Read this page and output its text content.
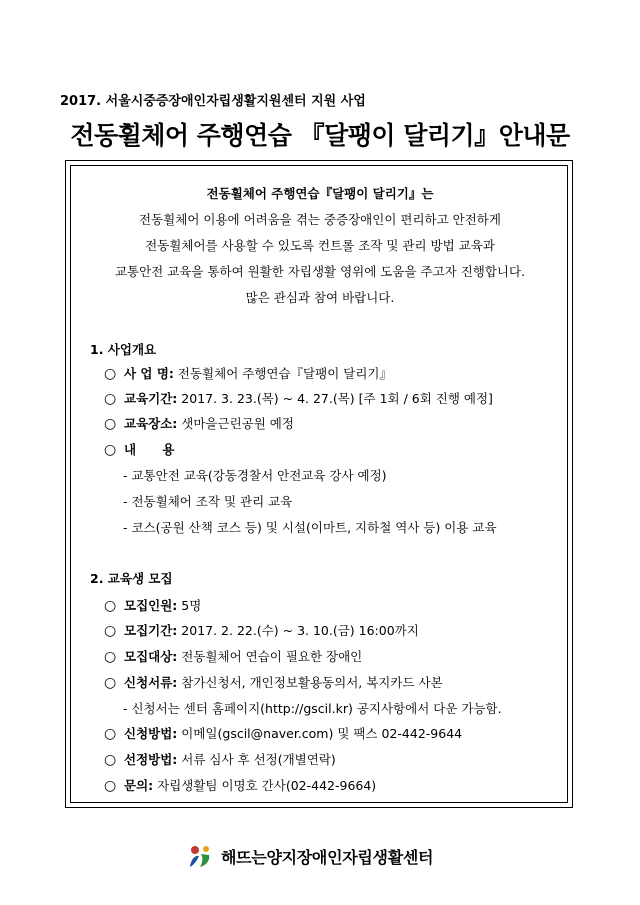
2017. 서울시중증장애인자립생활지원센터 지원 사업
전동휠체어 주행연습 『달팽이 달리기』안내문
전동휠체어 주행연습『달팽이 달리기』는
전동휠체어 이용에 어려움을 겪는 중증장애인이 편리하고 안전하게
전동휠체어를 사용할 수 있도록 컨트롤 조작 및 관리 방법 교육과
교통안전 교육을 통하여 원활한 자립생활 영위에 도움을 주고자 진행합니다.
많은 관심과 참여 바랍니다.
1. 사업개요
○ 사 업 명: 전동휠체어 주행연습『달팽이 달리기』
○ 교육기간: 2017. 3. 23.(목) ~ 4. 27.(목) [주 1회 / 6회 진행 예정]
○ 교육장소: 샛마을근린공원 예정
○ 내 용
- 교통안전 교육(강동경찰서 안전교육 강사 예정)
- 전동휠체어 조작 및 관리 교육
- 코스(공원 산책 코스 등) 및 시설(이마트, 지하철 역사 등) 이용 교육
2. 교육생 모집
○ 모집인원: 5명
○ 모집기간: 2017. 2. 22.(수) ~ 3. 10.(금) 16:00까지
○ 모집대상: 전동휠체어 연습이 필요한 장애인
○ 신청서류: 참가신청서, 개인정보활용동의서, 복지카드 사본
- 신청서는 센터 홈페이지(http://gscil.kr) 공지사항에서 다운 가능함.
○ 신청방법: 이메일(gscil@naver.com) 및 팩스 02-442-9644
○ 선정방법: 서류 심사 후 선정(개별연락)
○ 문의: 자립생활팀 이명호 간사(02-442-9664)
해뜨는양지장애인자립생활센터
